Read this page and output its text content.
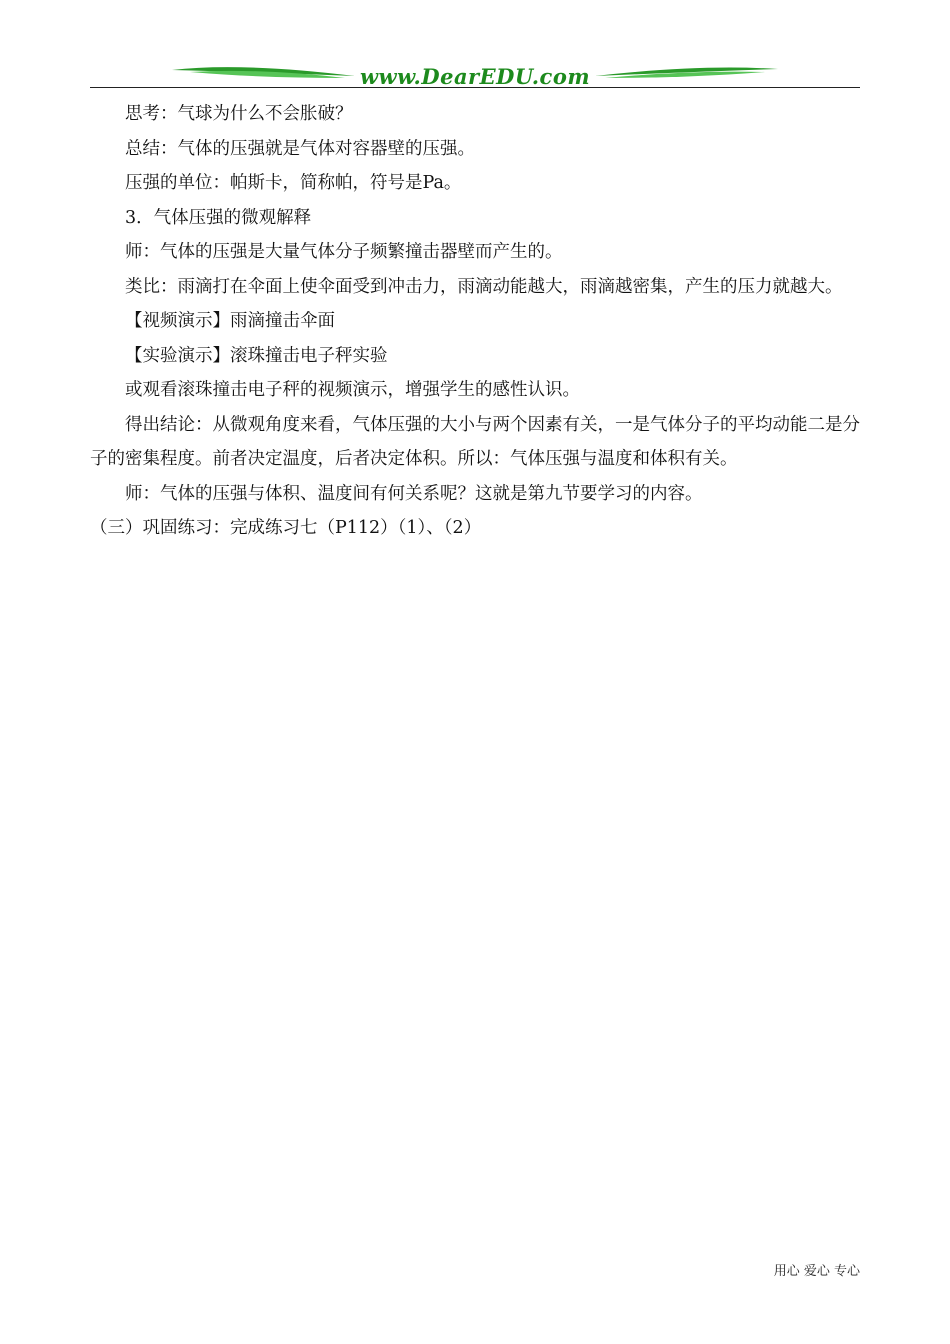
www.DearEDU.com

思考：气球为什么不会胀破？

总结：气体的压强就是气体对容器壁的压强。

压强的单位：帕斯卡，简称帕，符号是Pa。

3．气体压强的微观解释

师：气体的压强是大量气体分子频繁撞击器壁而产生的。

类比：雨滴打在伞面上使伞面受到冲击力，雨滴动能越大，雨滴越密集，产生的压力就越大。

【视频演示】雨滴撞击伞面

【实验演示】滚珠撞击电子秤实验

或观看滚珠撞击电子秤的视频演示，增强学生的感性认识。

得出结论：从微观角度来看，气体压强的大小与两个因素有关，一是气体分子的平均动能二是分子的密集程度。前者决定温度，后者决定体积。所以：气体压强与温度和体积有关。

师：气体的压强与体积、温度间有何关系呢？这就是第九节要学习的内容。

（三）巩固练习：完成练习七（P112）（1）、（2）

用心 爱心 专心
